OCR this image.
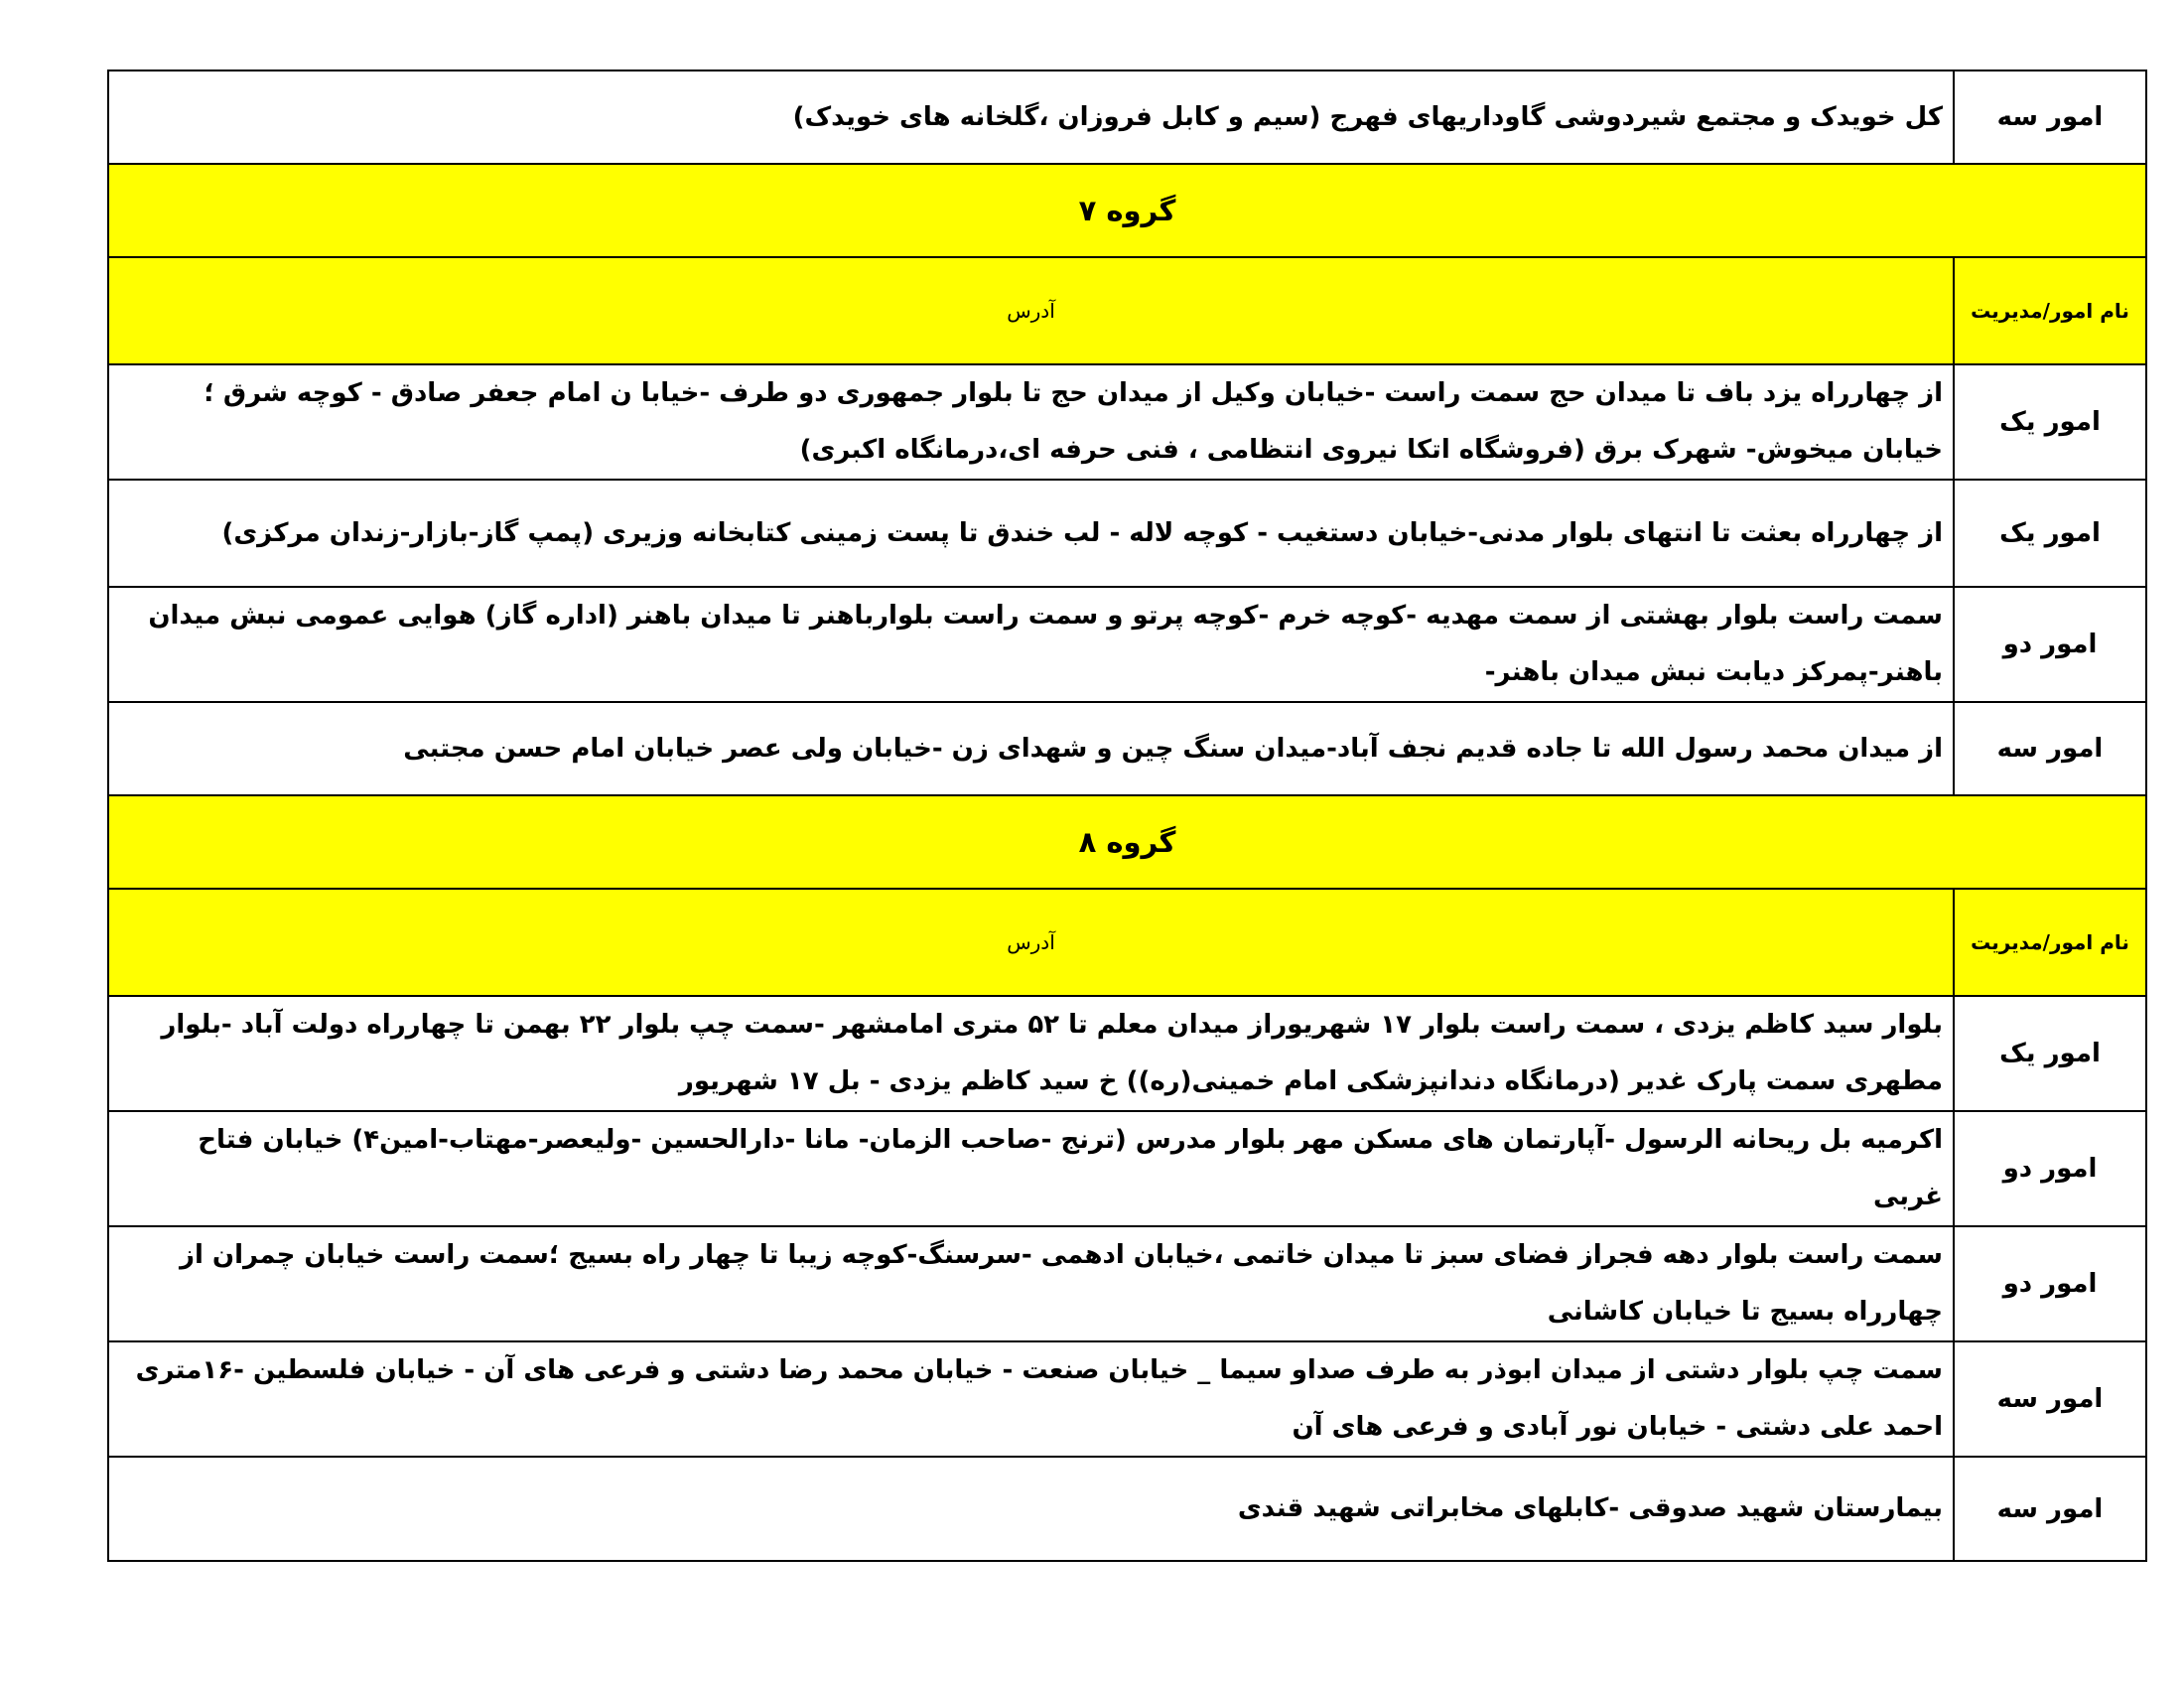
امور سه	کل خویدک و مجتمع شیردوشی گاوداریهای فهرج (سیم و کابل فروزان ،گلخانه های خویدک)
گروه ۷	
نام امور/مدیریت	آدرس
امور یک	از چهارراه یزد باف تا میدان حج سمت راست -خیابان وکیل از میدان حج تا بلوار جمهوری دو طرف -خیابا ن امام جعفر صادق - کوچه شرق ؛خیابان میخوش- شهرک برق (فروشگاه اتکا نیروی انتظامی ، فنی حرفه ای،درمانگاه اکبری)
امور یک	از چهارراه بعثت تا انتهای بلوار مدنی-خیابان دستغیب - کوچه لاله - لب خندق تا پست زمینی کتابخانه وزیری (پمپ گاز-بازار-زندان مرکزی)
امور دو	سمت راست بلوار بهشتی از سمت مهدیه -کوچه خرم -کوچه پرتو و سمت راست بلوارباهنر تا میدان باهنر (اداره گاز) هوایی عمومی نبش میدان باهنر-پمرکز دیابت نبش میدان باهنر-
امور سه	از میدان محمد رسول الله تا جاده قدیم نجف آباد-میدان سنگ چین و شهدای زن -خیابان ولی عصر خیابان امام حسن مجتبی
گروه ۸	
نام امور/مدیریت	آدرس
امور یک	بلوار سید کاظم یزدی ، سمت راست بلوار ۱۷ شهریوراز میدان معلم تا ۵۲ متری امامشهر -سمت چپ بلوار ۲۲ بهمن تا چهارراه دولت آباد -بلوار مطهری سمت پارک غدیر (درمانگاه دندانپزشکی امام خمینی(ره)) خ سید کاظم یزدی - بل ۱۷ شهریور
امور دو	اکرمیه بل ریحانه الرسول -آپارتمان های مسکن مهر بلوار مدرس (ترنج -صاحب الزمان- مانا -دارالحسین -ولیعصر-مهتاب-امین۴) خیابان فتاح غربی
امور دو	سمت راست بلوار دهه فجراز فضای سبز تا میدان خاتمی ،خیابان ادهمی -سرسنگ-کوچه زیبا تا چهار راه بسیج ؛سمت راست خیابان چمران از چهارراه بسیج تا خیابان کاشانی
امور سه	سمت چپ بلوار دشتی از میدان ابوذر به طرف صداو سیما _ خیابان صنعت - خیابان محمد رضا دشتی و فرعی های آن - خیابان فلسطین -۱۶متری احمد علی دشتی - خیابان نور آبادی و فرعی های آن
امور سه	بیمارستان شهید صدوقی -کابلهای مخابراتی شهید قندی
